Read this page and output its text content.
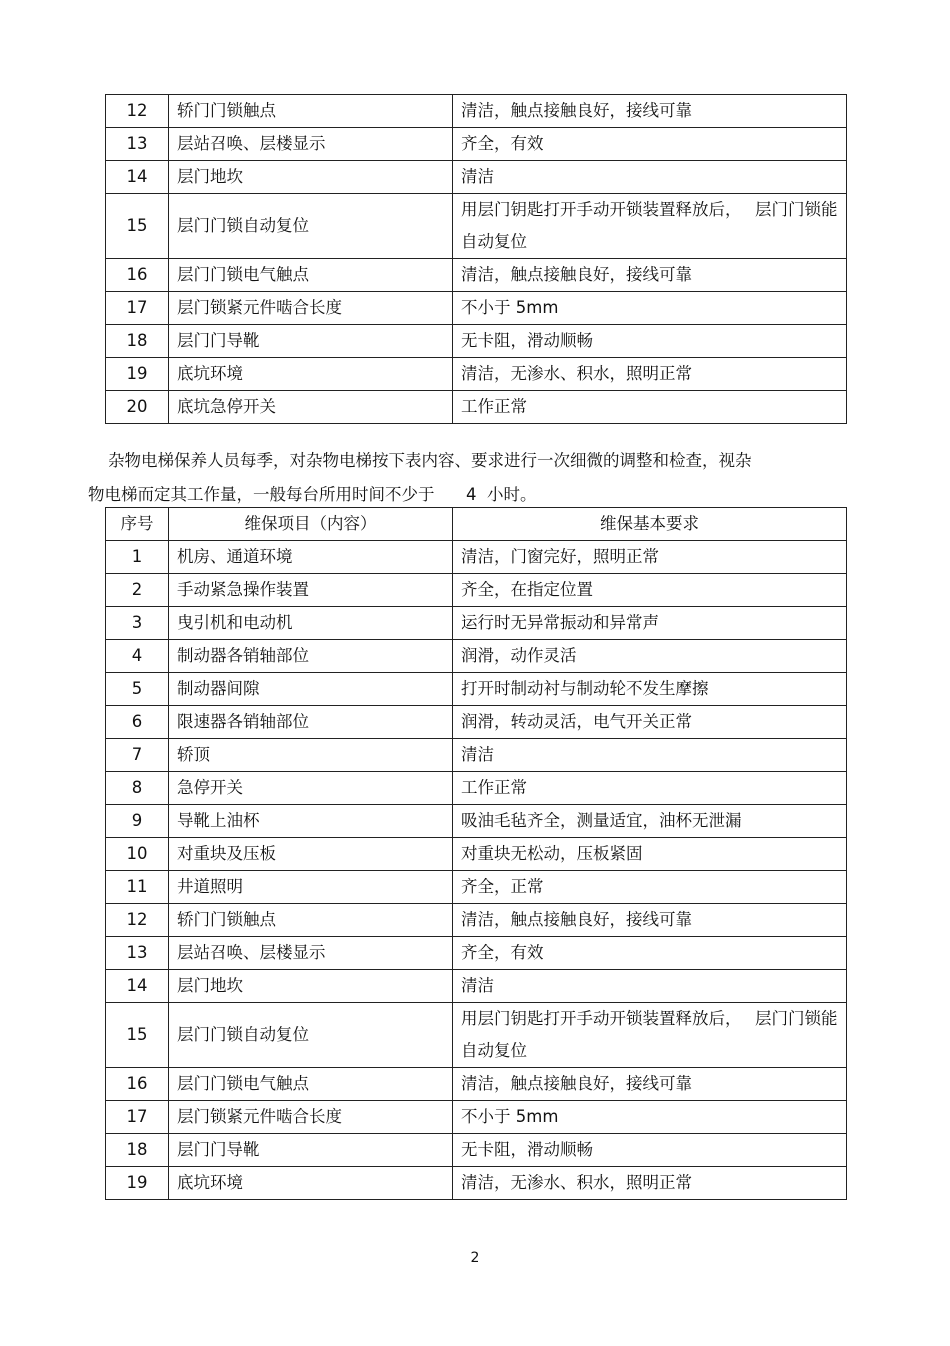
12	轿门门锁触点	清洁，触点接触良好，接线可靠
13	层站召唤、层楼显示	齐全，有效
14	层门地坎	清洁
15	层门门锁自动复位	用层门钥匙打开手动开锁装置释放后，　 层门门锁能自动复位
16	层门门锁电气触点	清洁，触点接触良好，接线可靠
17	层门锁紧元件啮合长度	不小于 5mm
18	层门门导靴	无卡阻，滑动顺畅
19	底坑环境	清洁，无渗水、积水，照明正常
20	底坑急停开关	工作正常
杂物电梯保养人员每季，对杂物电梯按下表内容、要求进行一次细微的调整和检查，视杂
物电梯而定其工作量，一般每台所用时间不少于      4  小时。
序号	维保项目（内容）	维保基本要求
1	机房、通道环境	清洁，门窗完好，照明正常
2	手动紧急操作装置	齐全，在指定位置
3	曳引机和电动机	运行时无异常振动和异常声
4	制动器各销轴部位	润滑，动作灵活
5	制动器间隙	打开时制动衬与制动轮不发生摩擦
6	限速器各销轴部位	润滑，转动灵活，电气开关正常
7	轿顶	清洁
8	急停开关	工作正常
9	导靴上油杯	吸油毛毡齐全，测量适宜，油杯无泄漏
10	对重块及压板	对重块无松动，压板紧固
11	井道照明	齐全，正常
12	轿门门锁触点	清洁，触点接触良好，接线可靠
13	层站召唤、层楼显示	齐全，有效
14	层门地坎	清洁
15	层门门锁自动复位	用层门钥匙打开手动开锁装置释放后，　 层门门锁能自动复位
16	层门门锁电气触点	清洁，触点接触良好，接线可靠
17	层门锁紧元件啮合长度	不小于 5mm
18	层门门导靴	无卡阻，滑动顺畅
19	底坑环境	清洁，无渗水、积水，照明正常
2
